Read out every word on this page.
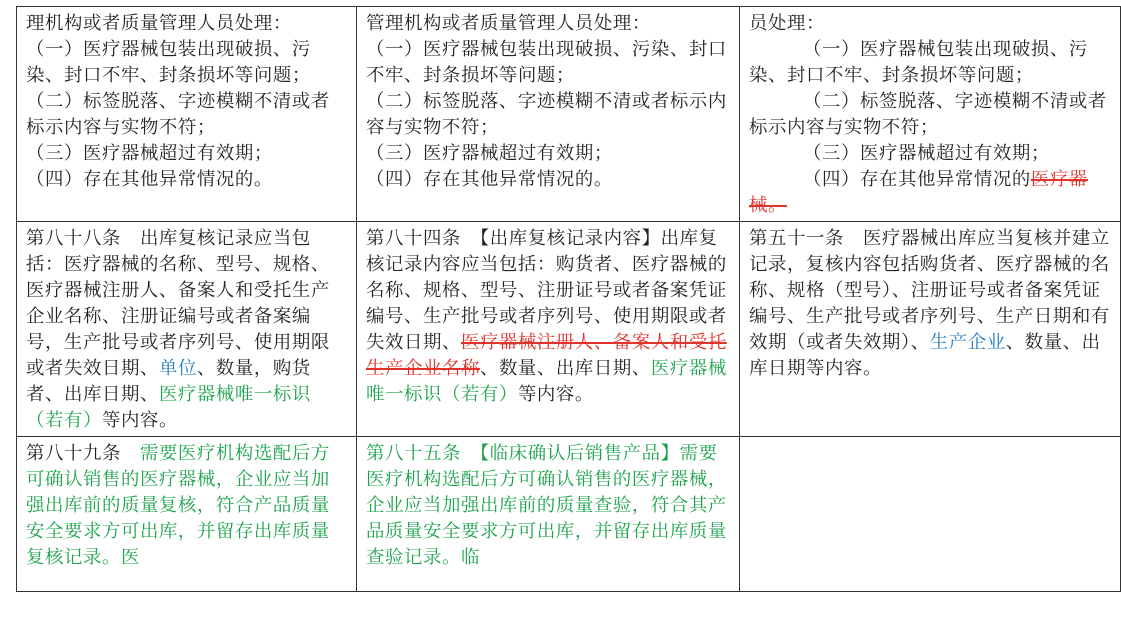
理机构或者质量管理人员处理：
（一）医疗器械包装出现破损、污染、封口不牢、封条损坏等问题；
（二）标签脱落、字迹模糊不清或者标示内容与实物不符；
（三）医疗器械超过有效期；
（四）存在其他异常情况的。	管理机构或者质量管理人员处理：
（一）医疗器械包装出现破损、污染、封口不牢、封条损坏等问题；
（二）标签脱落、字迹模糊不清或者标示内容与实物不符；
（三）医疗器械超过有效期；
（四）存在其他异常情况的。	员处理：
（一）医疗器械包装出现破损、污染、封口不牢、封条损坏等问题；
（二）标签脱落、字迹模糊不清或者标示内容与实物不符；
（三）医疗器械超过有效期；
（四）存在其他异常情况的医疗器械。

第八十八条　出库复核记录应当包括：医疗器械的名称、型号、规格、医疗器械注册人、备案人和受托生产企业名称、注册证编号或者备案编号，生产批号或者序列号、使用期限或者失效日期、单位、数量，购货者、出库日期、医疗器械唯一标识（若有）等内容。	第八十四条　【出库复核记录内容】出库复核记录内容应当包括：购货者、医疗器械的名称、规格、型号、注册证号或者备案凭证编号、生产批号或者序列号、使用期限或者失效日期、医疗器械注册人、备案人和受托生产企业名称、数量、出库日期、医疗器械唯一标识（若有）等内容。	第五十一条　医疗器械出库应当复核并建立记录，复核内容包括购货者、医疗器械的名称、规格（型号）、注册证号或者备案凭证编号、生产批号或者序列号、生产日期和有效期（或者失效期）、生产企业、数量、出库日期等内容。

第八十九条　需要医疗机构选配后方可确认销售的医疗器械，企业应当加强出库前的质量复核，符合产品质量安全要求方可出库，并留存出库质量复核记录。医	第八十五条　【临床确认后销售产品】需要医疗机构选配后方可确认销售的医疗器械，企业应当加强出库前的质量查验，符合其产品质量安全要求方可出库，并留存出库质量查验记录。临	
